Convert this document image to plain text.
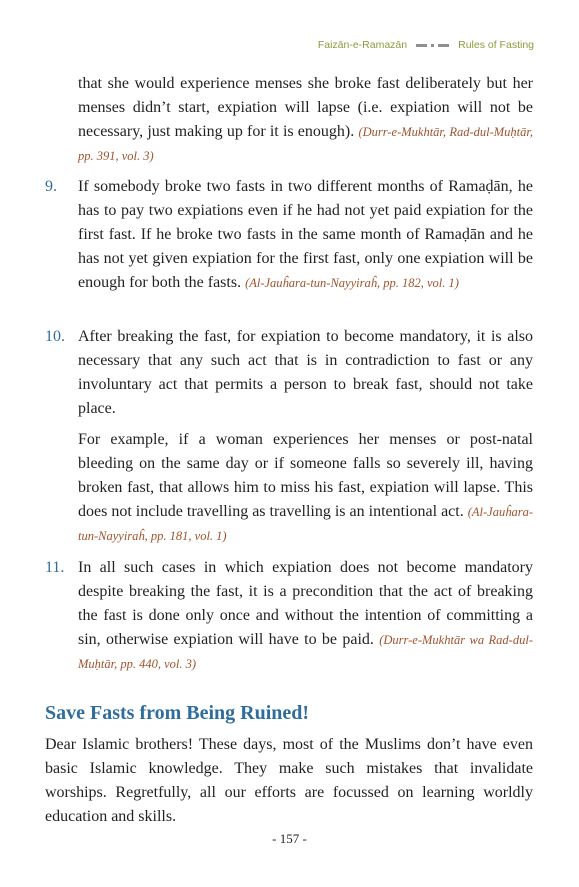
Faizān-e-Ramazān	Rules of Fasting

that she would experience menses she broke fast deliberately but her menses didn’t start, expiation will lapse (i.e. expiation will not be necessary, just making up for it is enough). (Durr-e-Mukhtār, Rad-dul-Muḥtār, pp. 391, vol. 3)

9. If somebody broke two fasts in two different months of Ramaḍān, he has to pay two expiations even if he had not yet paid expiation for the first fast. If he broke two fasts in the same month of Ramaḍān and he has not yet given expiation for the first fast, only one expiation will be enough for both the fasts. (Al-Jauĥara-tun-Nayyiraĥ, pp. 182, vol. 1)

10. After breaking the fast, for expiation to become mandatory, it is also necessary that any such act that is in contradiction to fast or any involuntary act that permits a person to break fast, should not take place.

For example, if a woman experiences her menses or post-natal bleeding on the same day or if someone falls so severely ill, having broken fast, that allows him to miss his fast, expiation will lapse. This does not include travelling as travelling is an intentional act. (Al-Jauĥara-tun-Nayyiraĥ, pp. 181, vol. 1)

11. In all such cases in which expiation does not become mandatory despite breaking the fast, it is a precondition that the act of breaking the fast is done only once and without the intention of committing a sin, otherwise expiation will have to be paid. (Durr-e-Mukhtār wa Rad-dul-Muḥtār, pp. 440, vol. 3)

Save Fasts from Being Ruined!

Dear Islamic brothers! These days, most of the Muslims don’t have even basic Islamic knowledge. They make such mistakes that invalidate worships. Regretfully, all our efforts are focussed on learning worldly education and skills.

- 157 -
